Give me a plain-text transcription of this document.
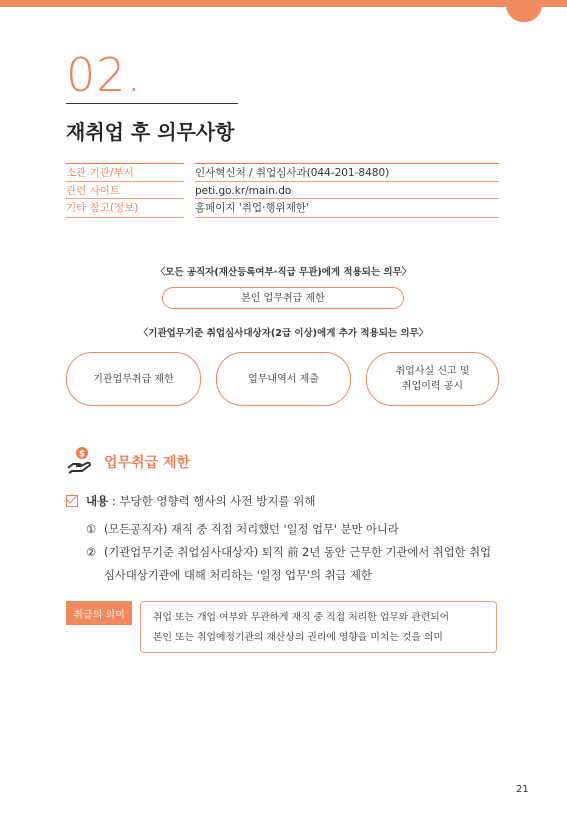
02.
재취업 후 의무사항
소관 기관/부서	인사혁신처 / 취업심사과(044-201-8480)
관련 사이트	peti.go.kr/main.do
기타 참고(정보)	홈페이지 '취업·행위제한'
〈모든 공직자(재산등록여부·직급 무관)에게 적용되는 의무〉
본인 업무취급 제한
〈기관업무기준 취업심사대상자(2급 이상)에게 추가 적용되는 의무〉
기관업무취급 제한	업무내역서 제출
취업사실 신고 및
취업이력 공시
$
업무취급 제한
내용 : 부당한 영향력 행사의 사전 방지를 위해
① (모든공직자) 재직 중 직접 처리했던 '일정 업무' 분만 아니라
② (기관업무기준 취업심사대상자) 퇴직 前 2년 동안 근무한 기관에서 취업한 취업
심사대상기관에 대해 처리하는 '일정 업무'의 취급 제한
취급의 의미	취업 또는 개업 여부와 무관하게 재직 중 직접 처리한 업무와 관련되어
본인 또는 취업예정기관의 재산상의 권리에 영향을 미치는 것을 의미
21
